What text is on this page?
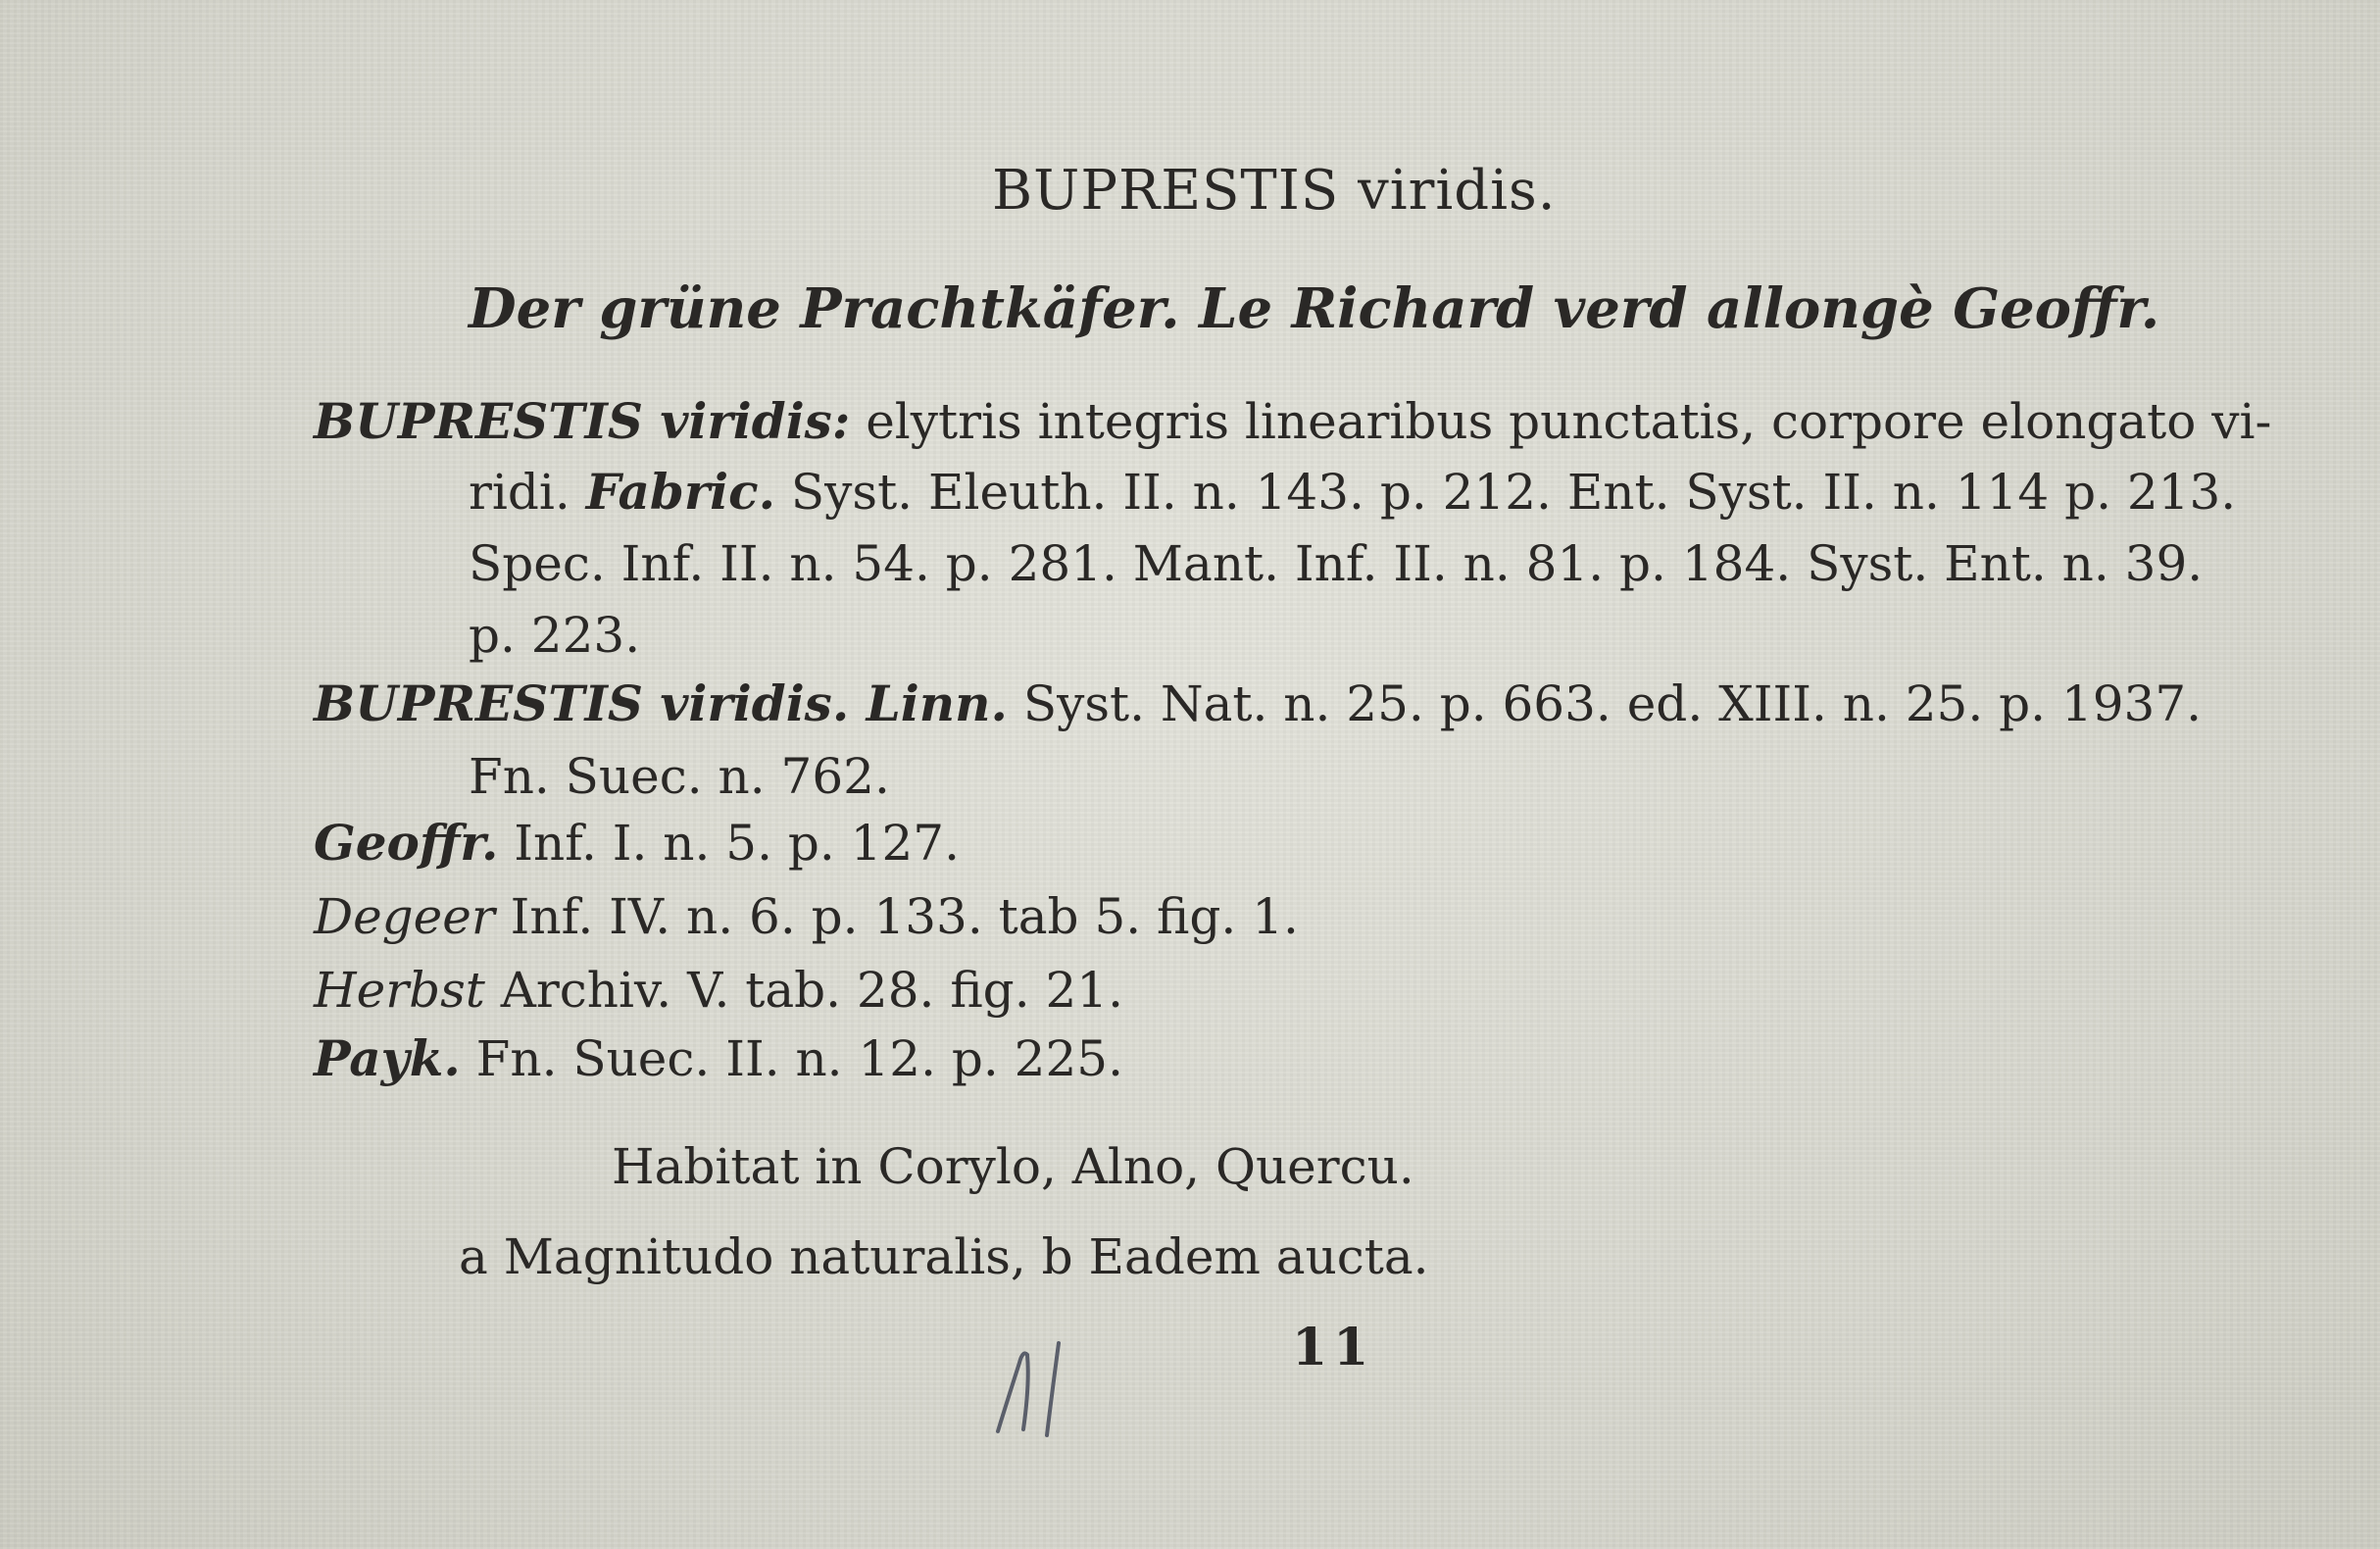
BUPRESTIS viridis.
Der grüne Prachtkäfer. Le Richard verd allongè Geoffr.
BUPRESTIS viridis: elytris integris linearibus punctatis, corpore elongato vi-
ridi. Fabric. Syst. Eleuth. II. n. 143. p. 212. Ent. Syst. II. n. 114 p. 213.
Spec. Inf. II. n. 54. p. 281. Mant. Inf. II. n. 81. p. 184. Syst. Ent. n. 39.
p. 223.
BUPRESTIS viridis. Linn. Syst. Nat. n. 25. p. 663. ed. XIII. n. 25. p. 1937.
Fn. Suec. n. 762.
Geoffr. Inf. I. n. 5. p. 127.
Degeer Inf. IV. n. 6. p. 133. tab 5. fig. 1.
Herbst Archiv. V. tab. 28. fig. 21.
Payk. Fn. Suec. II. n. 12. p. 225.
Habitat in Corylo, Alno, Quercu.
a Magnitudo naturalis, b Eadem aucta.
11
